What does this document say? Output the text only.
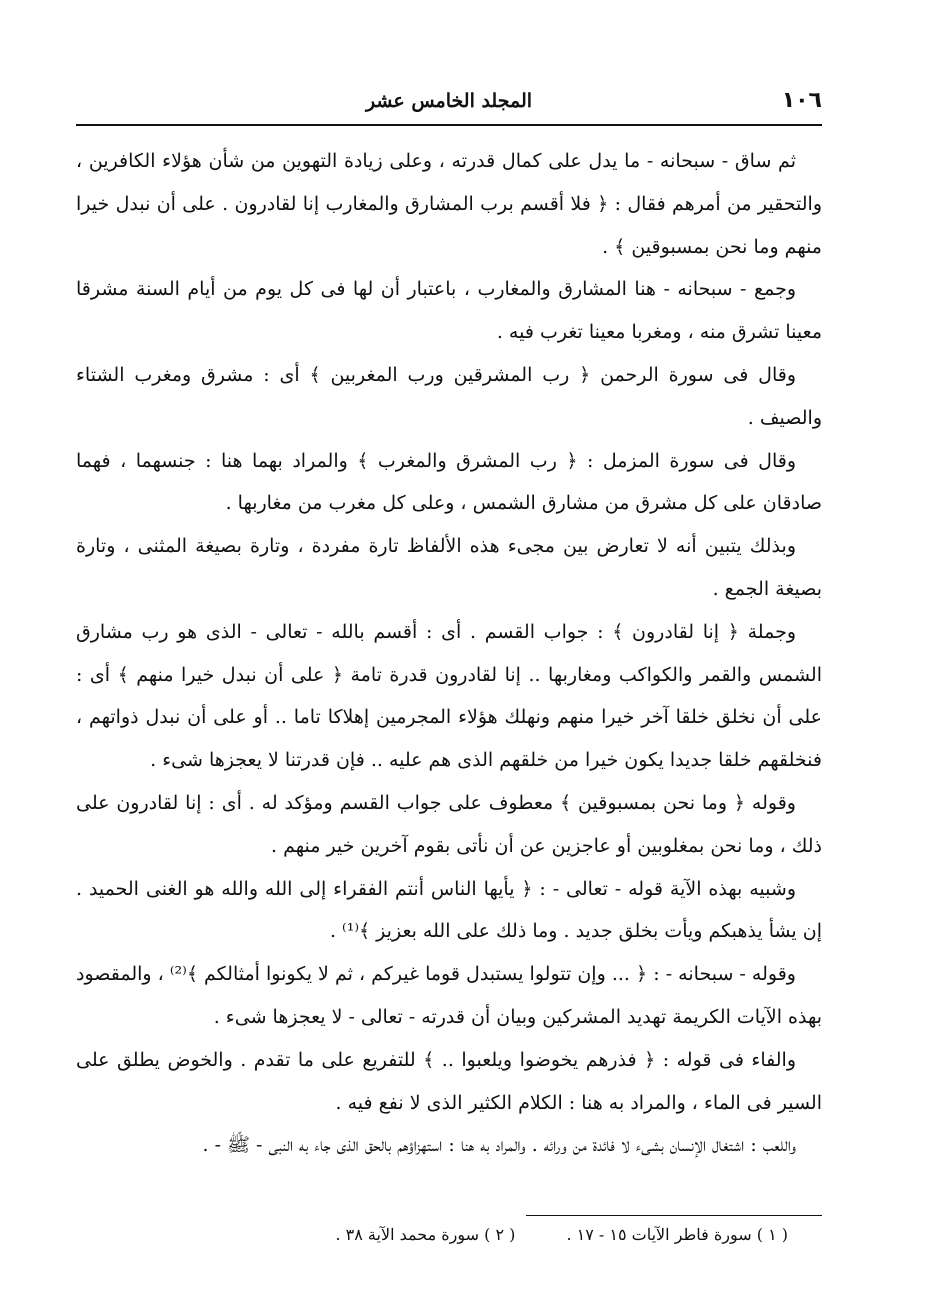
١٠٦
المجلد الخامس عشر

ثم ساق - سبحانه - ما يدل على كمال قدرته ، وعلى زيادة التهوين من شأن هؤلاء الكافرين ، والتحقير من أمرهم فقال : ﴿ فلا أقسم برب المشارق والمغارب إنا لقادرون . على أن نبدل خيرا منهم وما نحن بمسبوقين ﴾ .

وجمع - سبحانه - هنا المشارق والمغارب ، باعتبار أن لها فى كل يوم من أيام السنة مشرقا معينا تشرق منه ، ومغربا معينا تغرب فيه .

وقال فى سورة الرحمن ﴿ رب المشرقين ورب المغربين ﴾ أى : مشرق ومغرب الشتاء والصيف .

وقال فى سورة المزمل : ﴿ رب المشرق والمغرب ﴾ والمراد بهما هنا : جنسهما ، فهما صادقان على كل مشرق من مشارق الشمس ، وعلى كل مغرب من مغاربها .

وبذلك يتبين أنه لا تعارض بين مجىء هذه الألفاظ تارة مفردة ، وتارة بصيغة المثنى ، وتارة بصيغة الجمع .

وجملة ﴿ إنا لقادرون ﴾ : جواب القسم . أى : أقسم بالله - تعالى - الذى هو رب مشارق الشمس والقمر والكواكب ومغاربها .. إنا لقادرون قدرة تامة ﴿ على أن نبدل خيرا منهم ﴾ أى : على أن نخلق خلقا آخر خيرا منهم ونهلك هؤلاء المجرمين إهلاكا تاما .. أو على أن نبدل ذواتهم ، فنخلقهم خلقا جديدا يكون خيرا من خلقهم الذى هم عليه .. فإن قدرتنا لا يعجزها شىء .

وقوله ﴿ وما نحن بمسبوقين ﴾ معطوف على جواب القسم ومؤكد له . أى : إنا لقادرون على ذلك ، وما نحن بمغلوبين أو عاجزين عن أن نأتى بقوم آخرين خير منهم .

وشبيه بهذه الآية قوله - تعالى - : ﴿ يأيها الناس أنتم الفقراء إلى الله والله هو الغنى الحميد . إن يشأ يذهبكم ويأت بخلق جديد . وما ذلك على الله بعزيز ﴾⁽¹⁾ .

وقوله - سبحانه - : ﴿ ... وإن تتولوا يستبدل قوما غيركم ، ثم لا يكونوا أمثالكم ﴾⁽²⁾ ، والمقصود بهذه الآيات الكريمة تهديد المشركين وبيان أن قدرته - تعالى - لا يعجزها شىء .

والفاء فى قوله : ﴿ فذرهم يخوضوا ويلعبوا .. ﴾ للتفريع على ما تقدم . والخوض يطلق على السير فى الماء ، والمراد به هنا : الكلام الكثير الذى لا نفع فيه .

واللعب : اشتغال الإنسان بشىء لا فائدة من ورائه . والمراد به هنا : استهزاؤهم بالحق الذى جاء به النبى - ﷺ - .

( ١ ) سورة فاطر الآيات ١٥ - ١٧ . ( ٢ ) سورة محمد الآية ٣٨ .
